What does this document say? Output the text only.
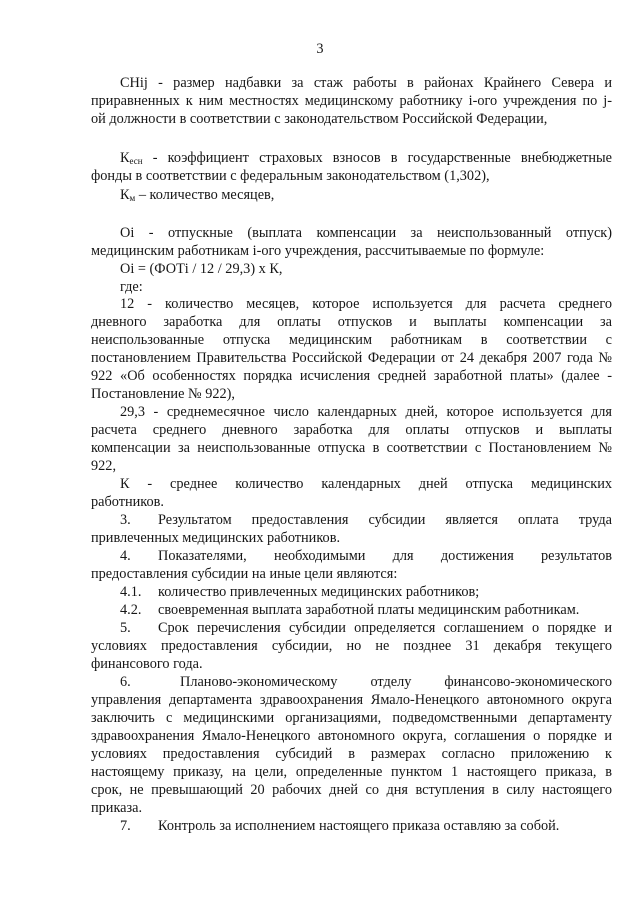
3
CHij - размер надбавки за стаж работы в районах Крайнего Севера и
приравненных к ним местностях медицинскому работнику i-ого учреждения по j-
ой должности в соответствии с законодательством Российской Федерации,
$К_{есн}$ - коэффициент страховых взносов в государственные внебюджетные
фонды в соответствии с федеральным законодательством (1,302),
$К_м$ – количество месяцев,
Oi - отпускные (выплата компенсации за неиспользованный отпуск)
медицинским работникам i-ого учреждения, рассчитываемые по формуле:
Oi = (ФОТi / 12 / 29,3) х К,
где:
12 - количество месяцев, которое используется для расчета среднего
дневного заработка для оплаты отпусков и выплаты компенсации за
неиспользованные отпуска медицинским работникам в соответствии с
постановлением Правительства Российской Федерации от 24 декабря 2007 года №
922 «Об особенностях порядка исчисления средней заработной платы» (далее -
Постановление № 922),
29,3 - среднемесячное число календарных дней, которое используется для
расчета среднего дневного заработка для оплаты отпусков и выплаты
компенсации за неиспользованные отпуска в соответствии с Постановлением №
922,
К - среднее количество календарных дней отпуска медицинских
работников.
3. Результатом предоставления субсидии является оплата труда
привлеченных медицинских работников.
4. Показателями, необходимыми для достижения результатов
предоставления субсидии на иные цели являются:
4.1. количество привлеченных медицинских работников;
4.2. своевременная выплата заработной платы медицинским работникам.
5. Срок перечисления субсидии определяется соглашением о порядке и
условиях предоставления субсидии, но не позднее 31 декабря текущего
финансового года.
6.	Планово-экономическому отделу финансово-экономического
управления департамента здравоохранения Ямало-Ненецкого автономного округа
заключить с медицинскими организациями, подведомственными департаменту
здравоохранения Ямало-Ненецкого автономного округа, соглашения о порядке и
условиях предоставления субсидий в размерах согласно приложению к
настоящему приказу, на цели, определенные пунктом 1 настоящего приказа, в
срок, не превышающий 20 рабочих дней со дня вступления в силу настоящего
приказа.
7. Контроль за исполнением настоящего приказа оставляю за собой.
